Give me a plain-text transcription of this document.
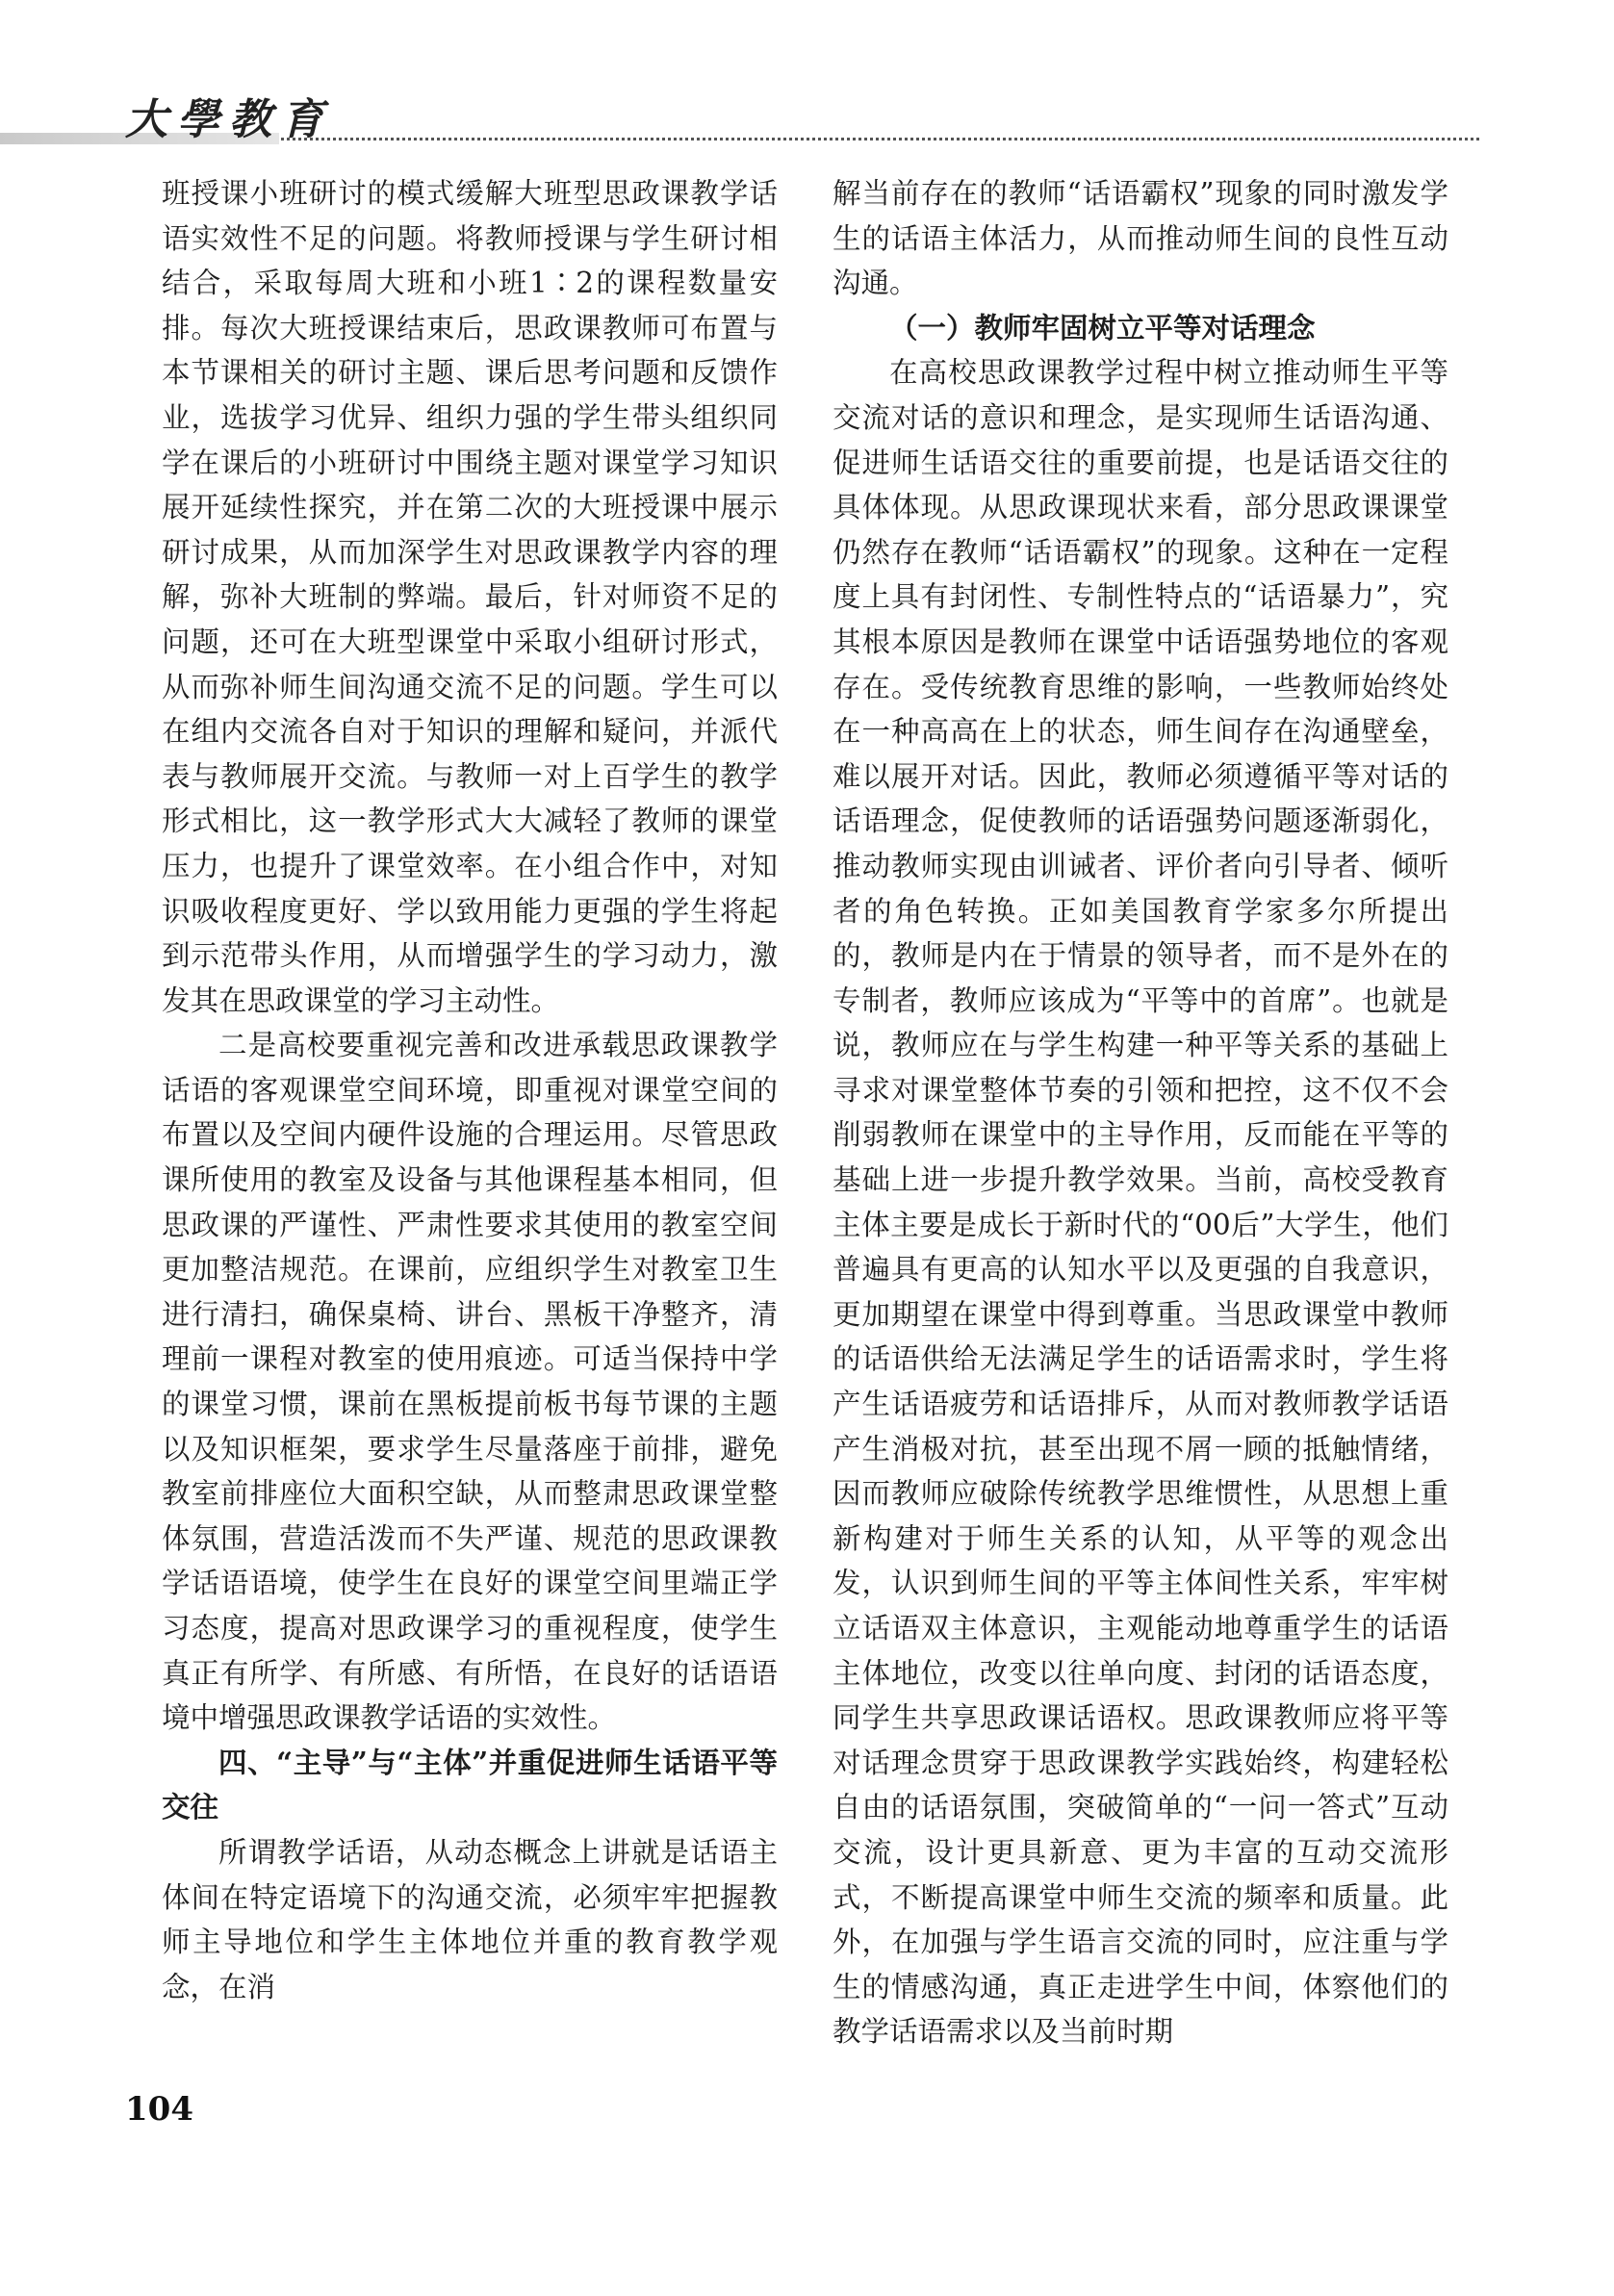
大學教育

班授课小班研讨的模式缓解大班型思政课教学话语实效性不足的问题。将教师授课与学生研讨相结合，采取每周大班和小班1∶2的课程数量安排。每次大班授课结束后，思政课教师可布置与本节课相关的研讨主题、课后思考问题和反馈作业，选拔学习优异、组织力强的学生带头组织同学在课后的小班研讨中围绕主题对课堂学习知识展开延续性探究，并在第二次的大班授课中展示研讨成果，从而加深学生对思政课教学内容的理解，弥补大班制的弊端。最后，针对师资不足的问题，还可在大班型课堂中采取小组研讨形式，从而弥补师生间沟通交流不足的问题。学生可以在组内交流各自对于知识的理解和疑问，并派代表与教师展开交流。与教师一对上百学生的教学形式相比，这一教学形式大大减轻了教师的课堂压力，也提升了课堂效率。在小组合作中，对知识吸收程度更好、学以致用能力更强的学生将起到示范带头作用，从而增强学生的学习动力，激发其在思政课堂的学习主动性。

二是高校要重视完善和改进承载思政课教学话语的客观课堂空间环境，即重视对课堂空间的布置以及空间内硬件设施的合理运用。尽管思政课所使用的教室及设备与其他课程基本相同，但思政课的严谨性、严肃性要求其使用的教室空间更加整洁规范。在课前，应组织学生对教室卫生进行清扫，确保桌椅、讲台、黑板干净整齐，清理前一课程对教室的使用痕迹。可适当保持中学的课堂习惯，课前在黑板提前板书每节课的主题以及知识框架，要求学生尽量落座于前排，避免教室前排座位大面积空缺，从而整肃思政课堂整体氛围，营造活泼而不失严谨、规范的思政课教学话语语境，使学生在良好的课堂空间里端正学习态度，提高对思政课学习的重视程度，使学生真正有所学、有所感、有所悟，在良好的话语语境中增强思政课教学话语的实效性。

四、“主导”与“主体”并重促进师生话语平等交往

所谓教学话语，从动态概念上讲就是话语主体间在特定语境下的沟通交流，必须牢牢把握教师主导地位和学生主体地位并重的教育教学观念，在消

解当前存在的教师“话语霸权”现象的同时激发学生的话语主体活力，从而推动师生间的良性互动沟通。

（一）教师牢固树立平等对话理念

在高校思政课教学过程中树立推动师生平等交流对话的意识和理念，是实现师生话语沟通、促进师生话语交往的重要前提，也是话语交往的具体体现。从思政课现状来看，部分思政课课堂仍然存在教师“话语霸权”的现象。这种在一定程度上具有封闭性、专制性特点的“话语暴力”，究其根本原因是教师在课堂中话语强势地位的客观存在。受传统教育思维的影响，一些教师始终处在一种高高在上的状态，师生间存在沟通壁垒，难以展开对话。因此，教师必须遵循平等对话的话语理念，促使教师的话语强势问题逐渐弱化，推动教师实现由训诫者、评价者向引导者、倾听者的角色转换。正如美国教育学家多尔所提出的，教师是内在于情景的领导者，而不是外在的专制者，教师应该成为“平等中的首席”。也就是说，教师应在与学生构建一种平等关系的基础上寻求对课堂整体节奏的引领和把控，这不仅不会削弱教师在课堂中的主导作用，反而能在平等的基础上进一步提升教学效果。当前，高校受教育主体主要是成长于新时代的“00后”大学生，他们普遍具有更高的认知水平以及更强的自我意识，更加期望在课堂中得到尊重。当思政课堂中教师的话语供给无法满足学生的话语需求时，学生将产生话语疲劳和话语排斥，从而对教师教学话语产生消极对抗，甚至出现不屑一顾的抵触情绪，因而教师应破除传统教学思维惯性，从思想上重新构建对于师生关系的认知，从平等的观念出发，认识到师生间的平等主体间性关系，牢牢树立话语双主体意识，主观能动地尊重学生的话语主体地位，改变以往单向度、封闭的话语态度，同学生共享思政课话语权。思政课教师应将平等对话理念贯穿于思政课教学实践始终，构建轻松自由的话语氛围，突破简单的“一问一答式”互动交流，设计更具新意、更为丰富的互动交流形式，不断提高课堂中师生交流的频率和质量。此外，在加强与学生语言交流的同时，应注重与学生的情感沟通，真正走进学生中间，体察他们的教学话语需求以及当前时期

104
